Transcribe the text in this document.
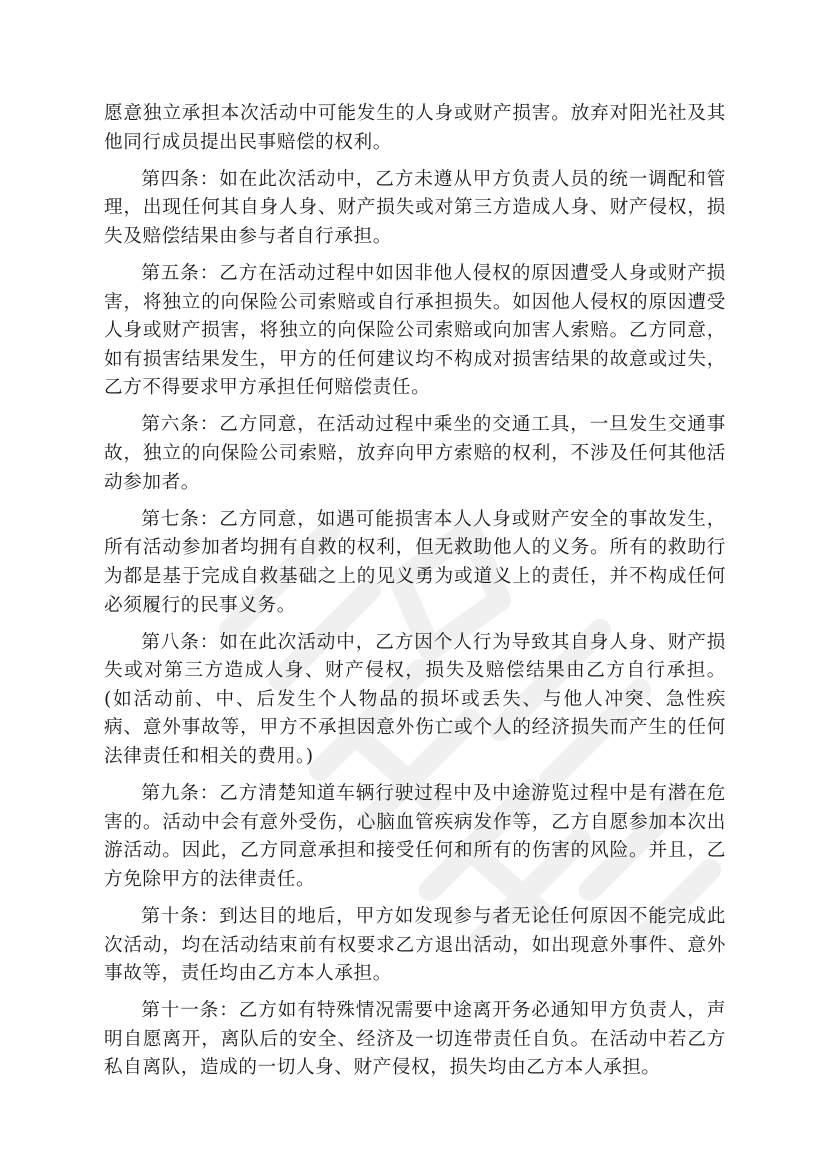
愿意独立承担本次活动中可能发生的人身或财产损害。放弃对阳光社及其他同行成员提出民事赔偿的权利。

第四条：如在此次活动中，乙方未遵从甲方负责人员的统一调配和管理，出现任何其自身人身、财产损失或对第三方造成人身、财产侵权，损失及赔偿结果由参与者自行承担。

第五条：乙方在活动过程中如因非他人侵权的原因遭受人身或财产损害，将独立的向保险公司索赔或自行承担损失。如因他人侵权的原因遭受人身或财产损害，将独立的向保险公司索赔或向加害人索赔。乙方同意，如有损害结果发生，甲方的任何建议均不构成对损害结果的故意或过失，乙方不得要求甲方承担任何赔偿责任。

第六条：乙方同意，在活动过程中乘坐的交通工具，一旦发生交通事故，独立的向保险公司索赔，放弃向甲方索赔的权利，不涉及任何其他活动参加者。

第七条：乙方同意，如遇可能损害本人人身或财产安全的事故发生，所有活动参加者均拥有自救的权利，但无救助他人的义务。所有的救助行为都是基于完成自救基础之上的见义勇为或道义上的责任，并不构成任何必须履行的民事义务。

第八条：如在此次活动中，乙方因个人行为导致其自身人身、财产损失或对第三方造成人身、财产侵权，损失及赔偿结果由乙方自行承担。(如活动前、中、后发生个人物品的损坏或丢失、与他人冲突、急性疾病、意外事故等，甲方不承担因意外伤亡或个人的经济损失而产生的任何法律责任和相关的费用。)

第九条：乙方清楚知道车辆行驶过程中及中途游览过程中是有潜在危害的。活动中会有意外受伤，心脑血管疾病发作等，乙方自愿参加本次出游活动。因此，乙方同意承担和接受任何和所有的伤害的风险。并且，乙方免除甲方的法律责任。

第十条：到达目的地后，甲方如发现参与者无论任何原因不能完成此次活动，均在活动结束前有权要求乙方退出活动，如出现意外事件、意外事故等，责任均由乙方本人承担。

第十一条：乙方如有特殊情况需要中途离开务必通知甲方负责人，声明自愿离开，离队后的安全、经济及一切连带责任自负。在活动中若乙方私自离队，造成的一切人身、财产侵权，损失均由乙方本人承担。
